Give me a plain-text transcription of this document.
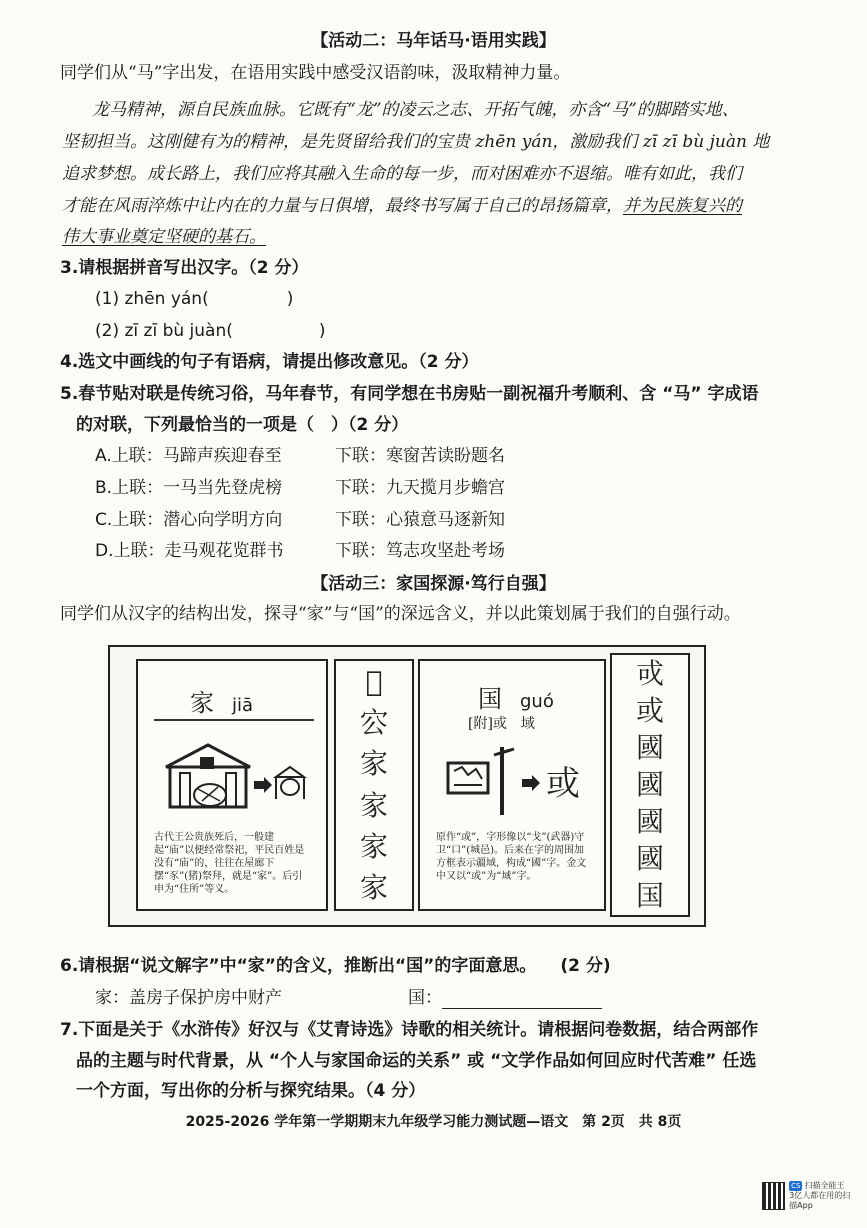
【活动二：马年话马·语用实践】
同学们从“马”字出发，在语用实践中感受汉语韵味，汲取精神力量。
龙马精神，源自民族血脉。它既有“龙”的凌云之志、开拓气魄，亦含“马”的脚踏实地、
坚韧担当。这刚健有为的精神，是先贤留给我们的宝贵 zhēn yán，激励我们 zī zī bù juàn 地
追求梦想。成长路上，我们应将其融入生命的每一步，而对困难亦不退缩。唯有如此，我们
才能在风雨淬炼中让内在的力量与日俱增，最终书写属于自己的昂扬篇章，并为民族复兴的
伟大事业奠定坚硬的基石。
3.请根据拼音写出汉字。（2 分）
(1) zhēn yán(	)
(2) zī zī bù juàn(	)
4.选文中画线的句子有语病，请提出修改意见。（2 分）
5.春节贴对联是传统习俗，马年春节，有同学想在书房贴一副祝福升考顺利、含 “马” 字成语
的对联，下列最恰当的一项是（　）（2 分）
A.上联：马蹄声疾迎春至	下联：寒窗苦读盼题名
B.上联：一马当先登虎榜	下联：九天揽月步蟾宫
C.上联：潜心向学明方向	下联：心猿意马逐新知
D.上联：走马观花览群书	下联：笃志攻坚赴考场
【活动三：家国探源·笃行自强】
同学们从汉字的结构出发，探寻“家”与“国”的深远含义，并以此策划属于我们的自强行动。
家 jiā
古代王公贵族死后，一般建起“庙”以便经常祭祀，平民百姓是没有“庙”的，往往在屋廊下摆“豕”(猪)祭拜，就是“家”。后引申为“住所”等义。
𠅏
㝐
家
家
家
家
国 guó
[附]或　域
或
原作“或”，字形像以“戈”(武器)守卫“口”(城邑)。后来在字的周围加方框表示疆域，构成“國”字。金文中又以“或”为“域”字。
戓
或
國
國
國
國
国
6.请根据“说文解字”中“家”的含义，推断出“国”的字面意思。 (2 分)
家：盖房子保护房中财产	国：
7.下面是关于《水浒传》好汉与《艾青诗选》诗歌的相关统计。请根据问卷数据，结合两部作
品的主题与时代背景，从 “个人与家国命运的关系” 或 “文学作品如何回应时代苦难” 任选
一个方面，写出你的分析与探究结果。（4 分）
2025-2026 学年第一学期期末九年级学习能力测试题—语文　第 2页　共 8页
CS 扫描全能王
3亿人都在用的扫描App
